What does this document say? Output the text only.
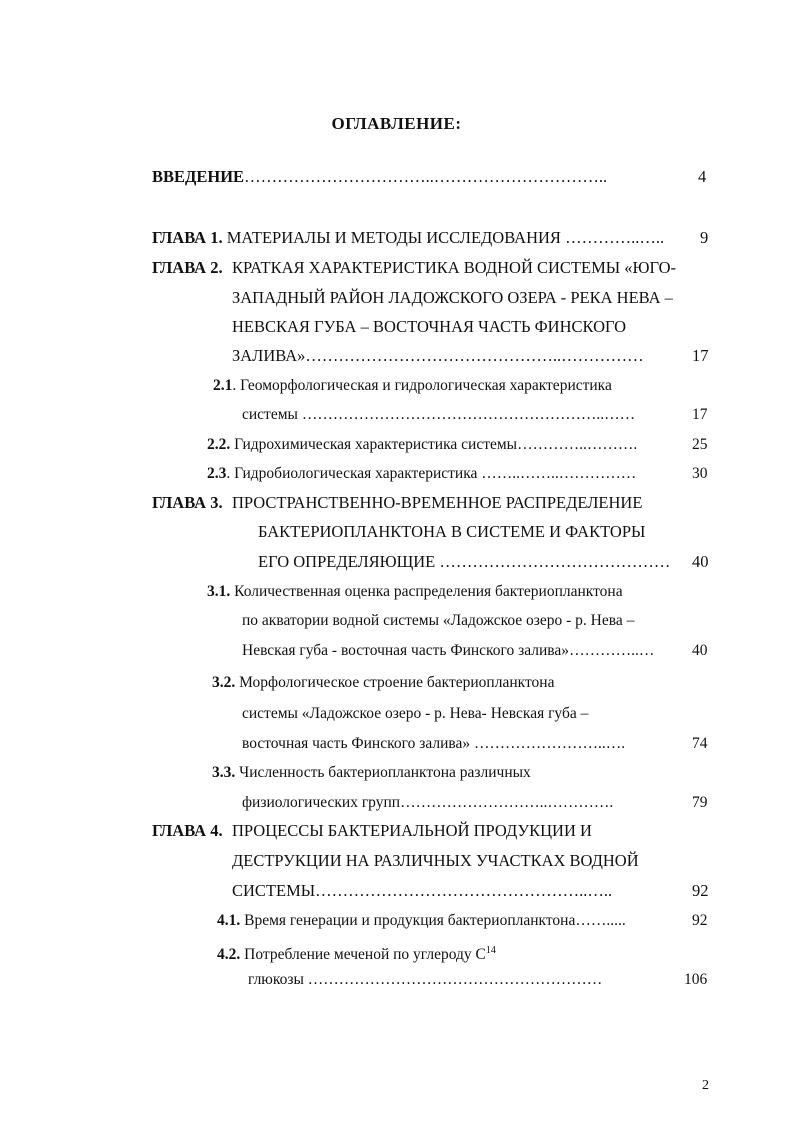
ОГЛАВЛЕНИЕ:
ВВЕДЕНИЕ……………………………..…………………………..	4
ГЛАВА 1. МАТЕРИАЛЫ И МЕТОДЫ ИССЛЕДОВАНИЯ …………..….. 9
ГЛАВА 2. КРАТКАЯ ХАРАКТЕРИСТИКА ВОДНОЙ СИСТЕМЫ «ЮГО-
ЗАПАДНЫЙ РАЙОН ЛАДОЖСКОГО ОЗЕРА - РЕКА НЕВА –
НЕВСКАЯ ГУБА – ВОСТОЧНАЯ ЧАСТЬ ФИНСКОГО
ЗАЛИВА»………………………………………..……………	17
2.1. Геоморфологическая и гидрологическая характеристика
системы …………………………………………………..……	17
2.2. Гидрохимическая характеристика системы…………..……….	25
2.3. Гидробиологическая характеристика ……..……..……………	30
ГЛАВА 3. ПРОСТРАНСТВЕННО-ВРЕМЕННОЕ РАСПРЕДЕЛЕНИЕ
БАКТЕРИОПЛАНКТОНА В СИСТЕМЕ И ФАКТОРЫ
ЕГО ОПРЕДЕЛЯЮЩИЕ …………………………………… 40
3.1. Количественная оценка распределения бактериопланктона
по акватории водной системы «Ладожское озеро - р. Нева –
Невская губа - восточная часть Финского залива»…………..… 40
3.2. Морфологическое строение бактериопланктона
системы «Ладожское озеро - р. Нева- Невская губа –
восточная часть Финского залива» ……………………..….	74
3.3. Численность бактериопланктона различных
физиологических групп………………………..………….	79
ГЛАВА 4. ПРОЦЕССЫ БАКТЕРИАЛЬНОЙ ПРОДУКЦИИ И
ДЕСТРУКЦИИ НА РАЗЛИЧНЫХ УЧАСТКАХ ВОДНОЙ
СИСТЕМЫ…………………………………………..…..	92
4.1. Время генерации и продукция бактериопланктона…….....	92
4.2. Потребление меченой по углероду $С^{14}$
глюкозы …………………………………………………	106
2
